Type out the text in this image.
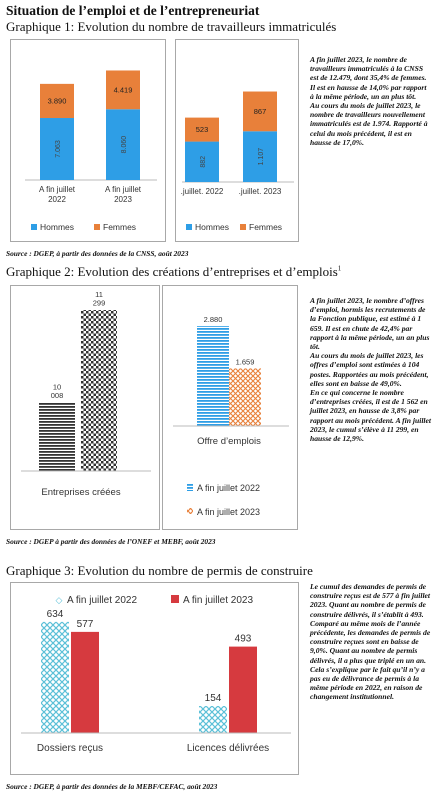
Situation de l’emploi et de l’entrepreneuriat
Graphique 1: Evolution du nombre de travailleurs immatriculés
7.063
3.890
A fin juillet
2022
8.060
4.419
A fin juillet
2023
Hommes	Femmes
882
523
.juillet. 2022
1.107
867
.juillet. 2023
Hommes Femmes

A fin juillet 2023, le nombre de travailleurs immatriculés à la CNSS est de 12.479, dont 35,4% de femmes. Il est en hausse de 14,0% par rapport à la même période, un an plus tôt.

Au cours du mois de juillet 2023, le nombre de travailleurs nouvellement immatriculés est de 1.974. Rapporté à celui du mois précédent, il est en hausse de 17,0%.

Source : DGEP, à partir des données de la CNSS, août 2023
Graphique 2: Evolution des créations d’entreprises et d’emplois$^1$
10 008
11 299
Entreprises créées
2.880
1.659
Offre d’emplois
A fin juillet 2022
A fin juillet 2023

A fin juillet 2023, le nombre d’offres d’emploi, hormis les recrutements de la Fonction publique, est estimé à 1 659. Il est en chute de 42,4% par rapport à la même période, un an plus tôt.

Au cours du mois de juillet 2023, les offres d’emploi sont estimées à 104 postes. Rapportées au mois précédent, elles sont en baisse de 49,0%.

En ce qui concerne le nombre d’entreprises créées, il est de 1 562 en juillet 2023, en hausse de 3,8% par rapport au mois précédent. A fin juillet 2023, le cumul s’élève à 11 299, en hausse de 12,9%.

Source : DGEP à partir des données de l’ONEF et MEBF, août 2023
Graphique 3: Evolution du nombre de permis de construire
634
577
Dossiers reçus
154
493
Licences délivrées
◇ A fin juillet 2022	A fin juillet 2023

Le cumul des demandes de permis de construire reçus est de 577 à fin juillet 2023. Quant au nombre de permis de construire délivrés, il s’établit à 493. Comparé au même mois de l’année précédente, les demandes de permis de construire reçues sont en baisse de 9,0%. Quant au nombre de permis délivrés, il a plus que triplé en un an. Cela s’explique par le fait qu’il n’y a pas eu de délivrance de permis à la même période en 2022, en raison de changement institutionnel.

Source : DGEP, à partir des données de la MEBF/CEFAC, août 2023
